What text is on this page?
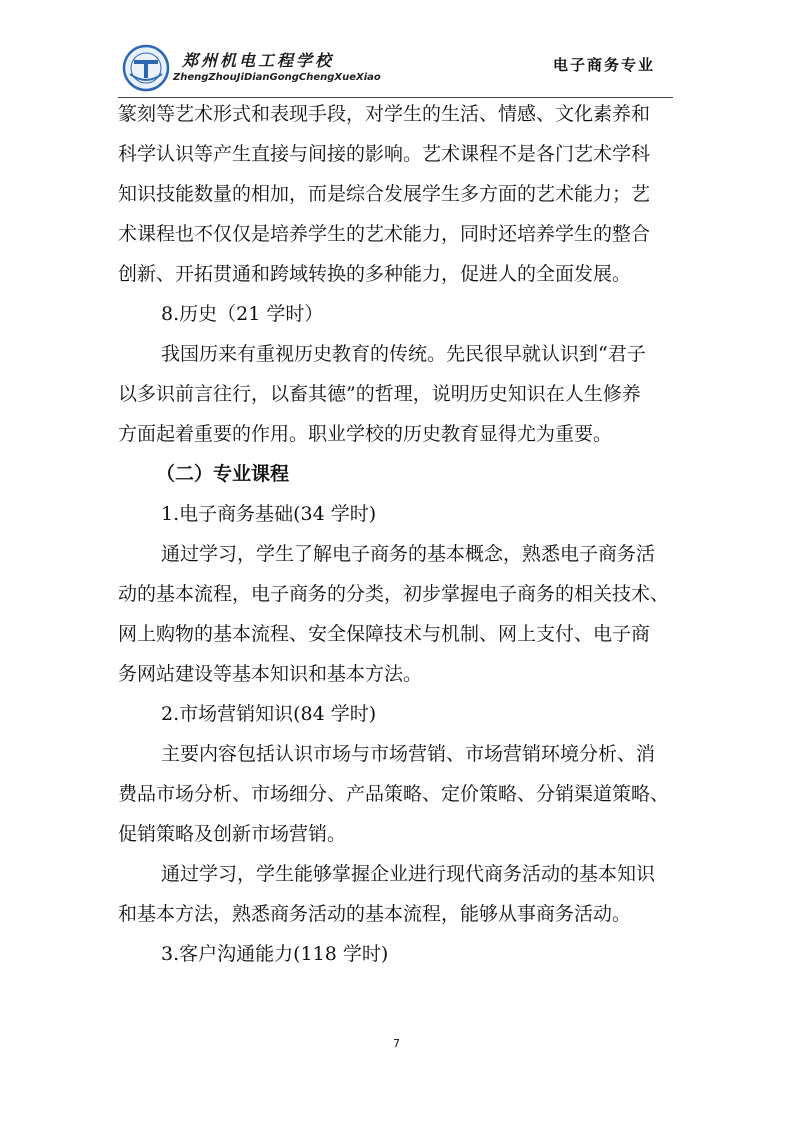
郑州机电工程学校
ZhengZhouJiDianGongChengXueXiao
电子商务专业
篆刻等艺术形式和表现手段，对学生的生活、情感、文化素养和
科学认识等产生直接与间接的影响。艺术课程不是各门艺术学科
知识技能数量的相加，而是综合发展学生多方面的艺术能力；艺
术课程也不仅仅是培养学生的艺术能力，同时还培养学生的整合
创新、开拓贯通和跨域转换的多种能力，促进人的全面发展。
8.历史（21 学时）
我国历来有重视历史教育的传统。先民很早就认识到“君子
以多识前言往行，以畜其德”的哲理，说明历史知识在人生修养
方面起着重要的作用。职业学校的历史教育显得尤为重要。
（二）专业课程
1.电子商务基础(34 学时)
通过学习，学生了解电子商务的基本概念，熟悉电子商务活
动的基本流程，电子商务的分类，初步掌握电子商务的相关技术、
网上购物的基本流程、安全保障技术与机制、网上支付、电子商
务网站建设等基本知识和基本方法。
2.市场营销知识(84 学时)
主要内容包括认识市场与市场营销、市场营销环境分析、消
费品市场分析、市场细分、产品策略、定价策略、分销渠道策略、
促销策略及创新市场营销。
通过学习，学生能够掌握企业进行现代商务活动的基本知识
和基本方法，熟悉商务活动的基本流程，能够从事商务活动。
3.客户沟通能力(118 学时)
7
